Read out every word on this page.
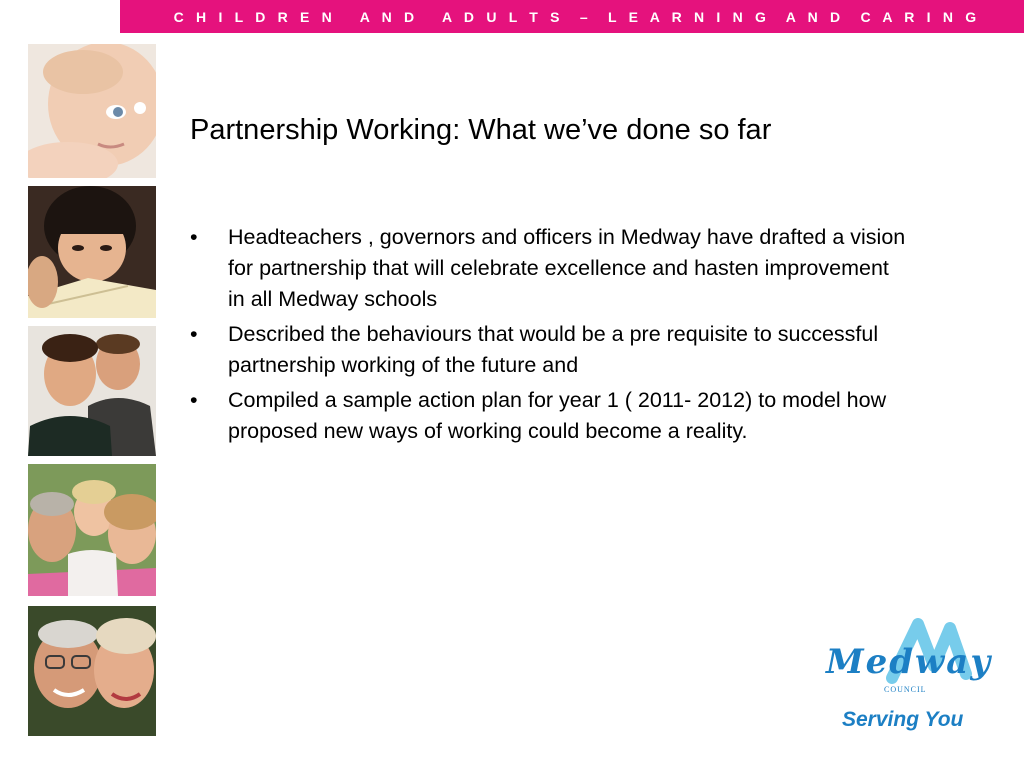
C H I L D R E N   A N D   A D U L T S  –  L E A R N I N G  A N D  C A R I N G
Partnership Working: What we’ve done so far
• Headteachers , governors and officers in Medway have drafted a vision for partnership that will celebrate excellence and hasten improvement in all Medway schools
• Described the behaviours that would be a pre requisite to successful partnership working of the future and
• Compiled a sample action plan for year 1 ( 2011- 2012) to model how proposed new ways of working could become a reality.
Medway
COUNCIL
Serving You
